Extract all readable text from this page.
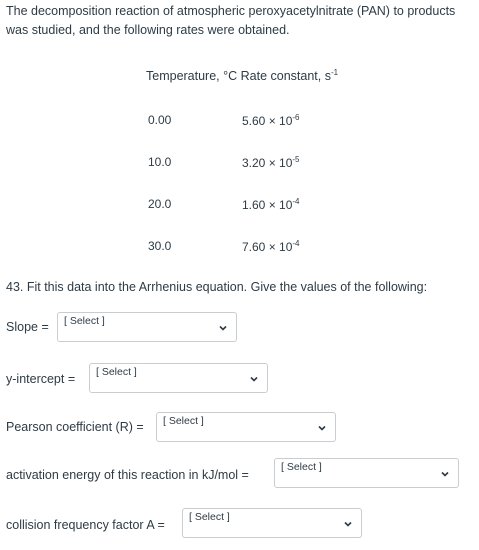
The decomposition reaction of atmospheric peroxyacetylnitrate (PAN) to products
was studied, and the following rates were obtained.
Temperature, °C Rate constant, $s^{-1}$
0.00	$5.60 \times 10^{-6}$
10.0	$3.20 \times 10^{-5}$
20.0	$1.60 \times 10^{-4}$
30.0	$7.60 \times 10^{-4}$
43. Fit this data into the Arrhenius equation. Give the values of the following:
Slope = [ Select ]
y-intercept = [ Select ]
Pearson coefficient (R) = [ Select ]
activation energy of this reaction in kJ/mol =
[ Select ]
collision frequency factor A =
[ Select ]
